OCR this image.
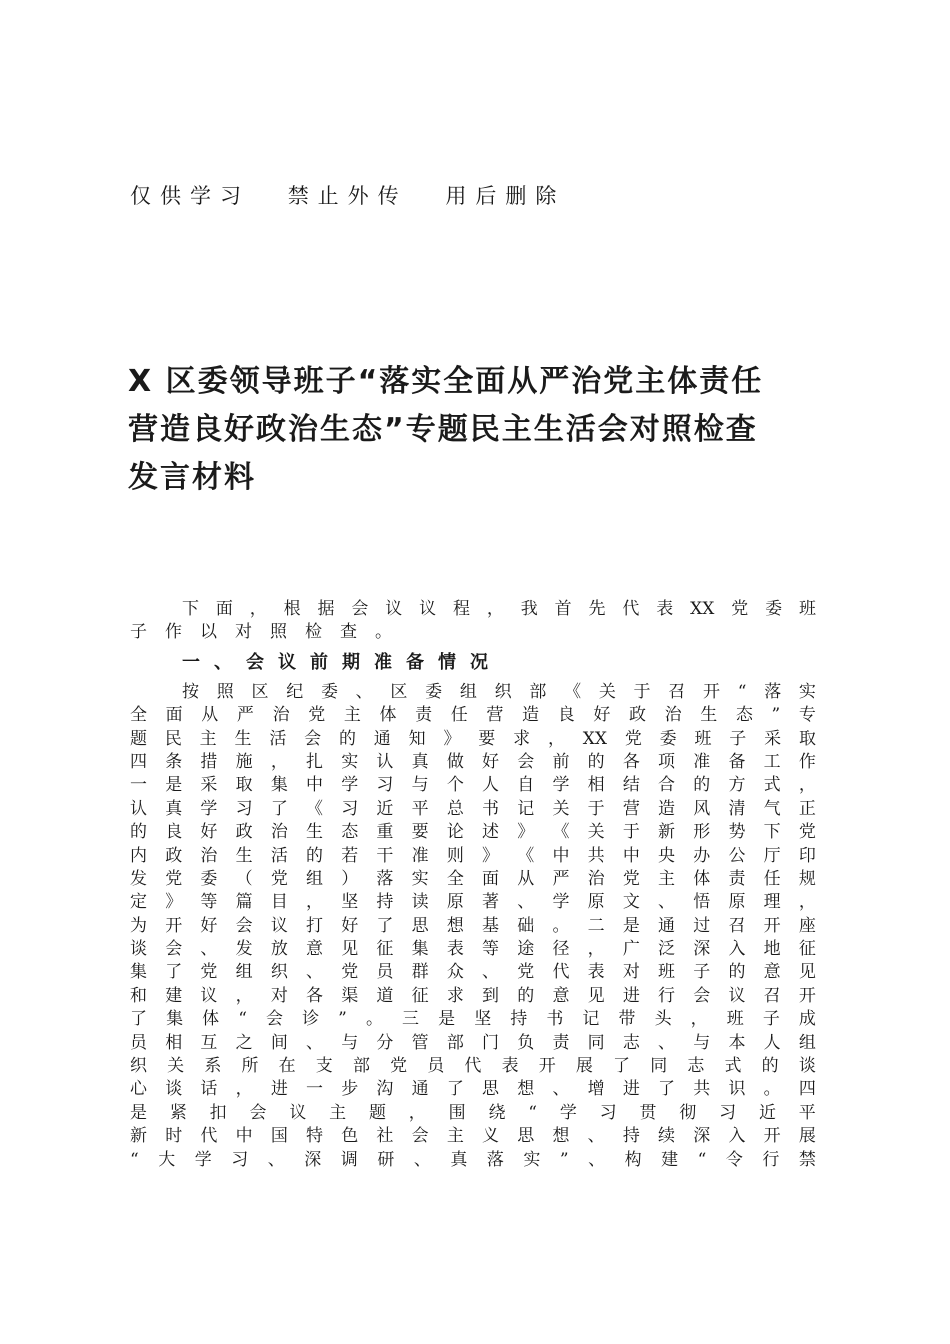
仅供学习 禁止外传 用后删除
X 区委领导班子“落实全面从严治党主体责任
营造良好政治生态”专题民主生活会对照检查
发言材料
下 面 ， 根 据 会 议 议 程 ， 我 首 先 代 表 XX 党 委 班
子 作 以 对 照 检 查 。
一、会议前期准备情况
按 照 区 纪 委 、 区 委 组 织 部 《 关 于 召 开 “ 落 实
全 面 从 严 治 党 主 体 责 任 营 造 良 好 政 治 生 态 ” 专
题 民 主 生 活 会 的 通 知 》 要 求 ， XX 党 委 班 子 采 取
四 条 措 施 ， 扎 实 认 真 做 好 会 前 的 各 项 准 备 工 作
一 是 采 取 集 中 学 习 与 个 人 自 学 相 结 合 的 方 式 ，
认 真 学 习 了 《 习 近 平 总 书 记 关 于 营 造 风 清 气 正
的 良 好 政 治 生 态 重 要 论 述 》 《 关 于 新 形 势 下 党
内 政 治 生 活 的 若 干 准 则 》 《 中 共 中 央 办 公 厅 印
发 党 委 （ 党 组 ） 落 实 全 面 从 严 治 党 主 体 责 任 规
定 》 等 篇 目 ， 坚 持 读 原 著 、 学 原 文 、 悟 原 理 ，
为 开 好 会 议 打 好 了 思 想 基 础 。 二 是 通 过 召 开 座
谈 会 、 发 放 意 见 征 集 表 等 途 径 ， 广 泛 深 入 地 征
集 了 党 组 织 、 党 员 群 众 、 党 代 表 对 班 子 的 意 见
和 建 议 ， 对 各 渠 道 征 求 到 的 意 见 进 行 会 议 召 开
了 集 体 “ 会 诊 ” 。 三 是 坚 持 书 记 带 头 ， 班 子 成
员 相 互 之 间 、 与 分 管 部 门 负 责 同 志 、 与 本 人 组
织 关 系 所 在 支 部 党 员 代 表 开 展 了 同 志 式 的 谈
心 谈 话 ， 进 一 步 沟 通 了 思 想 、 增 进 了 共 识 。 四
是 紧 扣 会 议 主 题 ， 围 绕 “ 学 习 贯 彻 习 近 平
新 时 代 中 国 特 色 社 会 主 义 思 想 、 持 续 深 入 开 展
“ 大 学 习 、 深 调 研 、 真 落 实 ” 、 构 建 “ 令 行 禁
